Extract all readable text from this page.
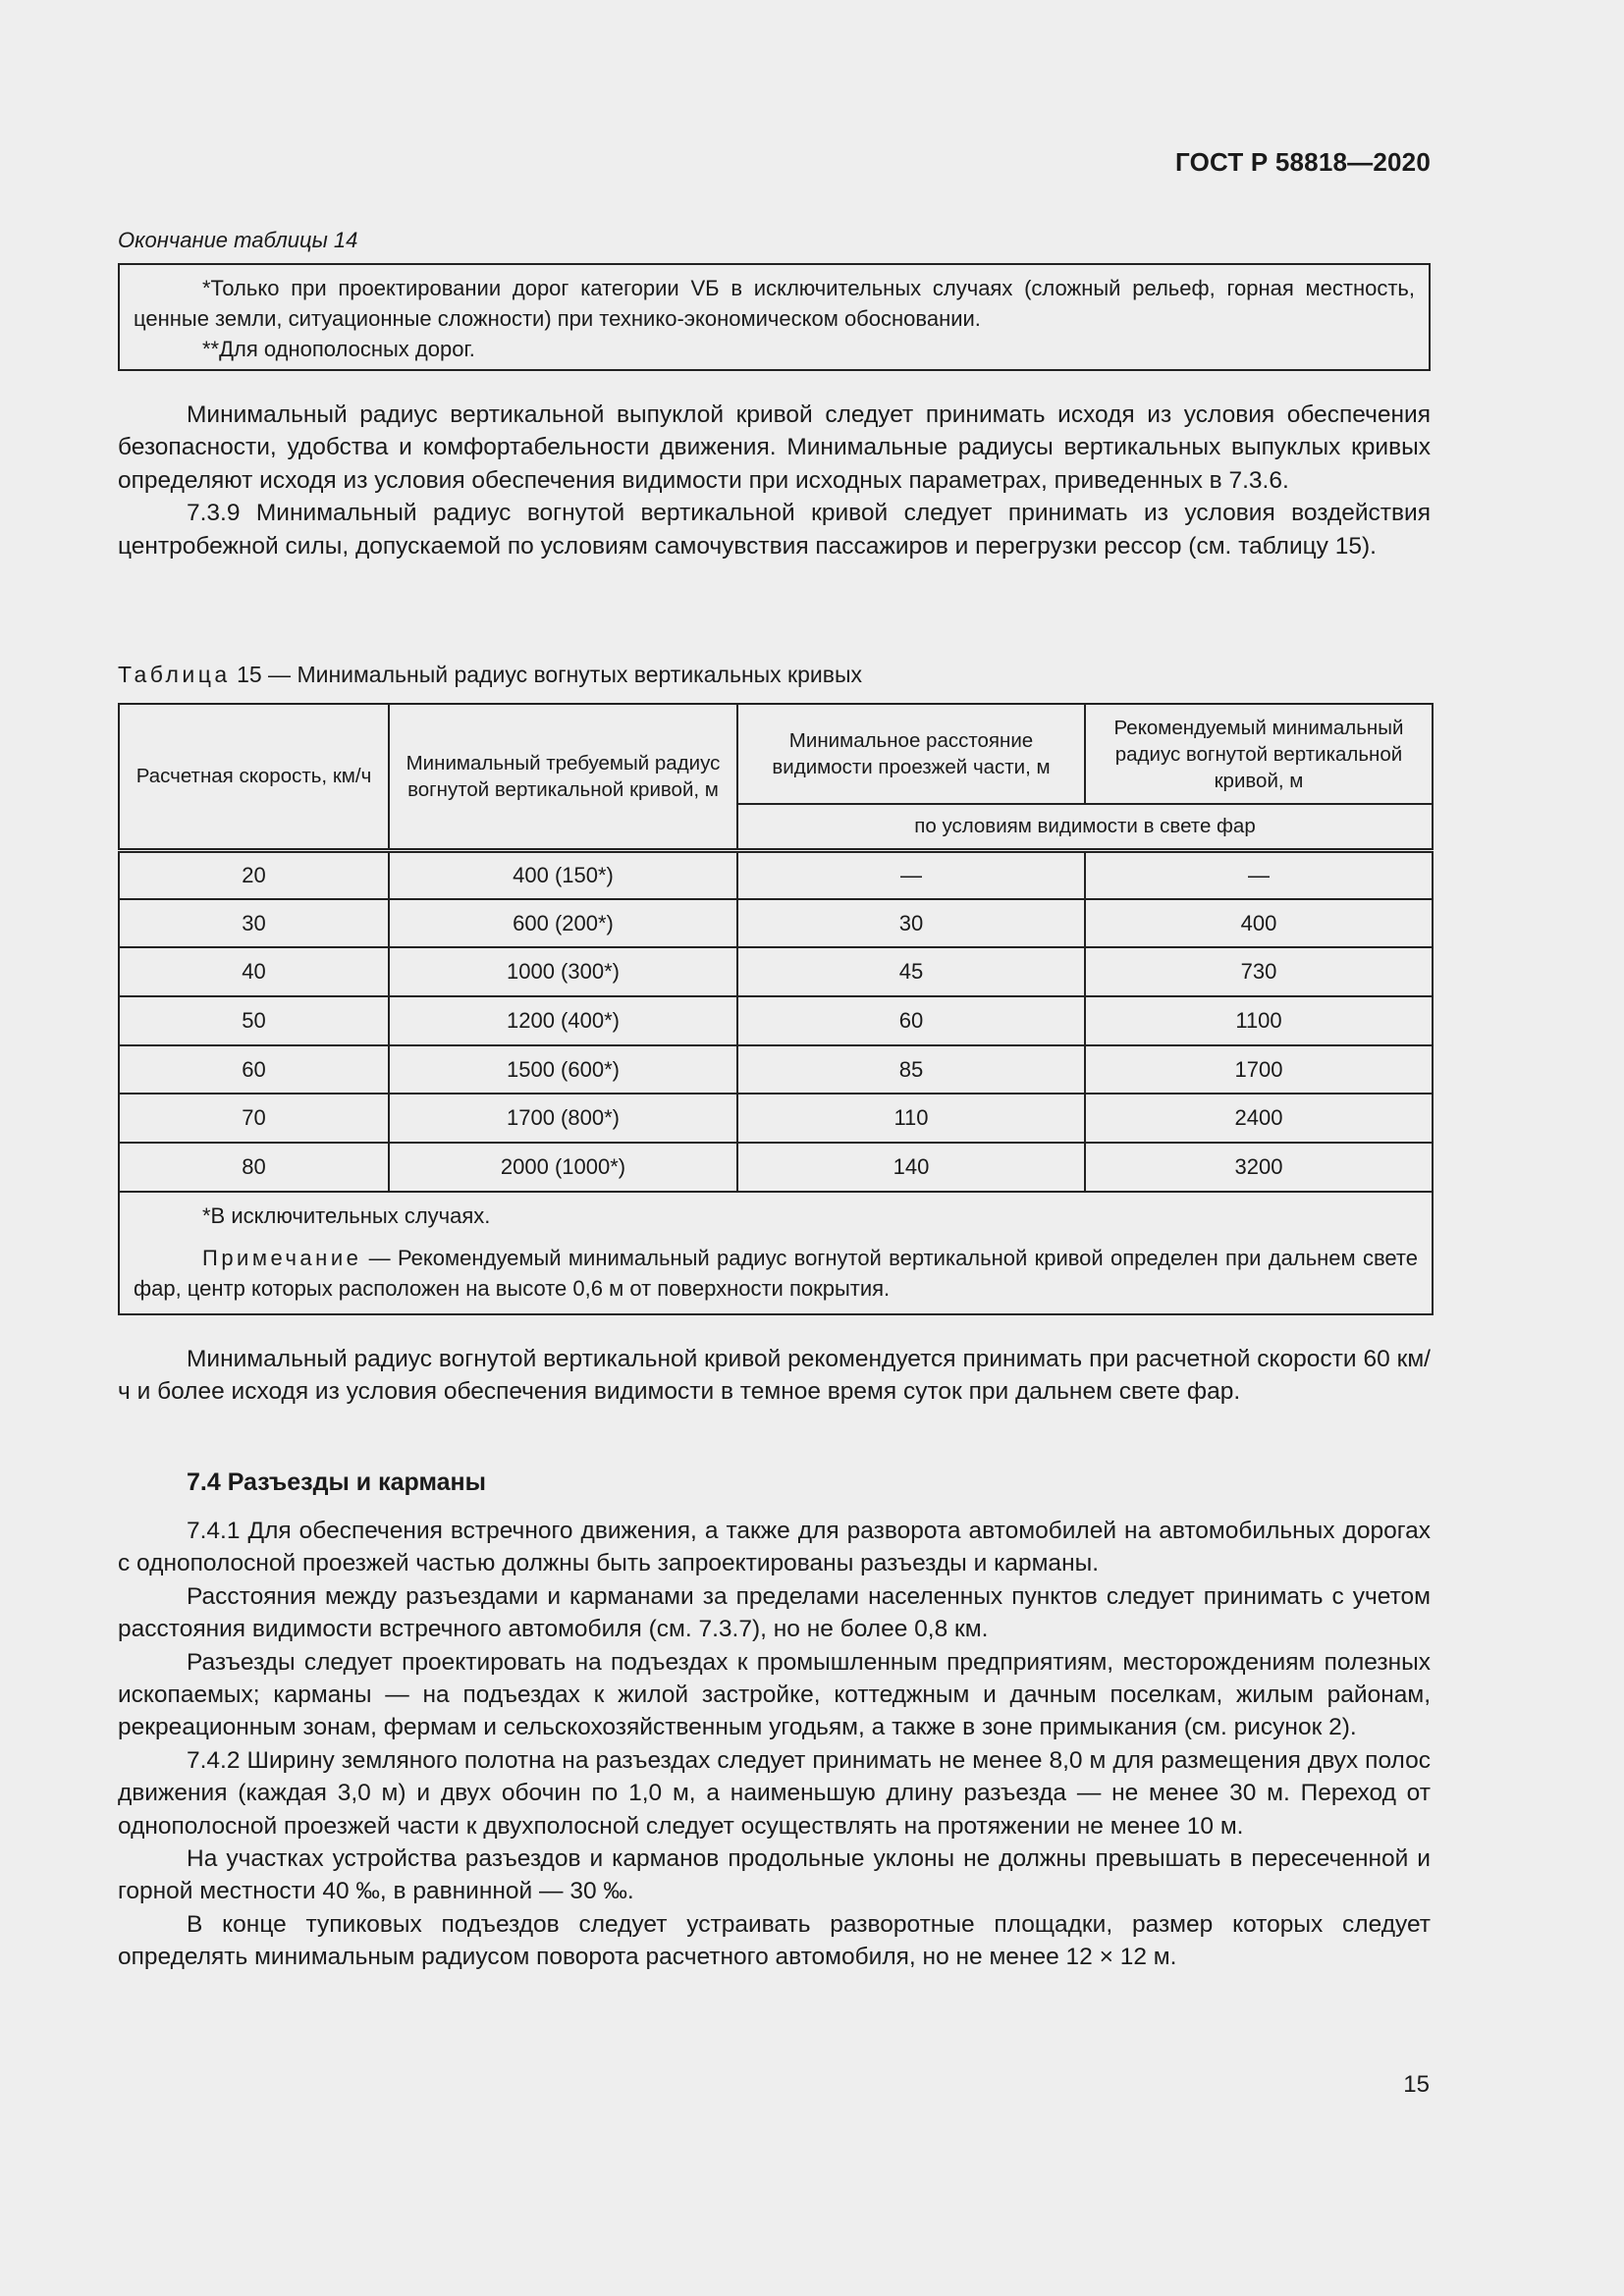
ГОСТ Р 58818—2020
Окончание таблицы 14
*Только при проектировании дорог категории VБ в исключительных случаях (сложный рельеф, горная местность, ценные земли, ситуационные сложности) при технико-экономическом обосновании.
**Для однополосных дорог.

Минимальный радиус вертикальной выпуклой кривой следует принимать исходя из условия обеспечения безопасности, удобства и комфортабельности движения. Минимальные радиусы вертикальных выпуклых кривых определяют исходя из условия обеспечения видимости при исходных параметрах, приведенных в 7.3.6.

7.3.9 Минимальный радиус вогнутой вертикальной кривой следует принимать из условия воздействия центробежной силы, допускаемой по условиям самочувствия пассажиров и перегрузки рессор (см. таблицу 15).

Таблица 15 — Минимальный радиус вогнутых вертикальных кривых
Расчетная скорость, км/ч	Минимальный требуемый радиус вогнутой вертикальной кривой, м	Минимальное расстояние видимости проезжей части, м	Рекомендуемый минимальный радиус вогнутой вертикальной кривой, м
		по условиям видимости в свете фар	
20	400 (150*)	—	—
30	600 (200*)	30	400
40	1000 (300*)	45	730
50	1200 (400*)	60	1100
60	1500 (600*)	85	1700
70	1700 (800*)	110	2400
80	2000 (1000*)	140	3200

*В исключительных случаях.

Примечание — Рекомендуемый минимальный радиус вогнутой вертикальной кривой определен при дальнем свете фар, центр которых расположен на высоте 0,6 м от поверхности покрытия.			

Минимальный радиус вогнутой вертикальной кривой рекомендуется принимать при расчетной скорости 60 км/ч и более исходя из условия обеспечения видимости в темное время суток при дальнем свете фар.

7.4 Разъезды и карманы

7.4.1 Для обеспечения встречного движения, а также для разворота автомобилей на автомобильных дорогах с однополосной проезжей частью должны быть запроектированы разъезды и карманы.

Расстояния между разъездами и карманами за пределами населенных пунктов следует принимать с учетом расстояния видимости встречного автомобиля (см. 7.3.7), но не более 0,8 км.

Разъезды следует проектировать на подъездах к промышленным предприятиям, месторождениям полезных ископаемых; карманы — на подъездах к жилой застройке, коттеджным и дачным поселкам, жилым районам, рекреационным зонам, фермам и сельскохозяйственным угодьям, а также в зоне примыкания (см. рисунок 2).

7.4.2 Ширину земляного полотна на разъездах следует принимать не менее 8,0 м для размещения двух полос движения (каждая 3,0 м) и двух обочин по 1,0 м, а наименьшую длину разъезда — не менее 30 м. Переход от однополосной проезжей части к двухполосной следует осуществлять на протяжении не менее 10 м.

На участках устройства разъездов и карманов продольные уклоны не должны превышать в пересеченной и горной местности 40 ‰, в равнинной — 30 ‰.

В конце тупиковых подъездов следует устраивать разворотные площадки, размер которых следует определять минимальным радиусом поворота расчетного автомобиля, но не менее 12 × 12 м.

15
